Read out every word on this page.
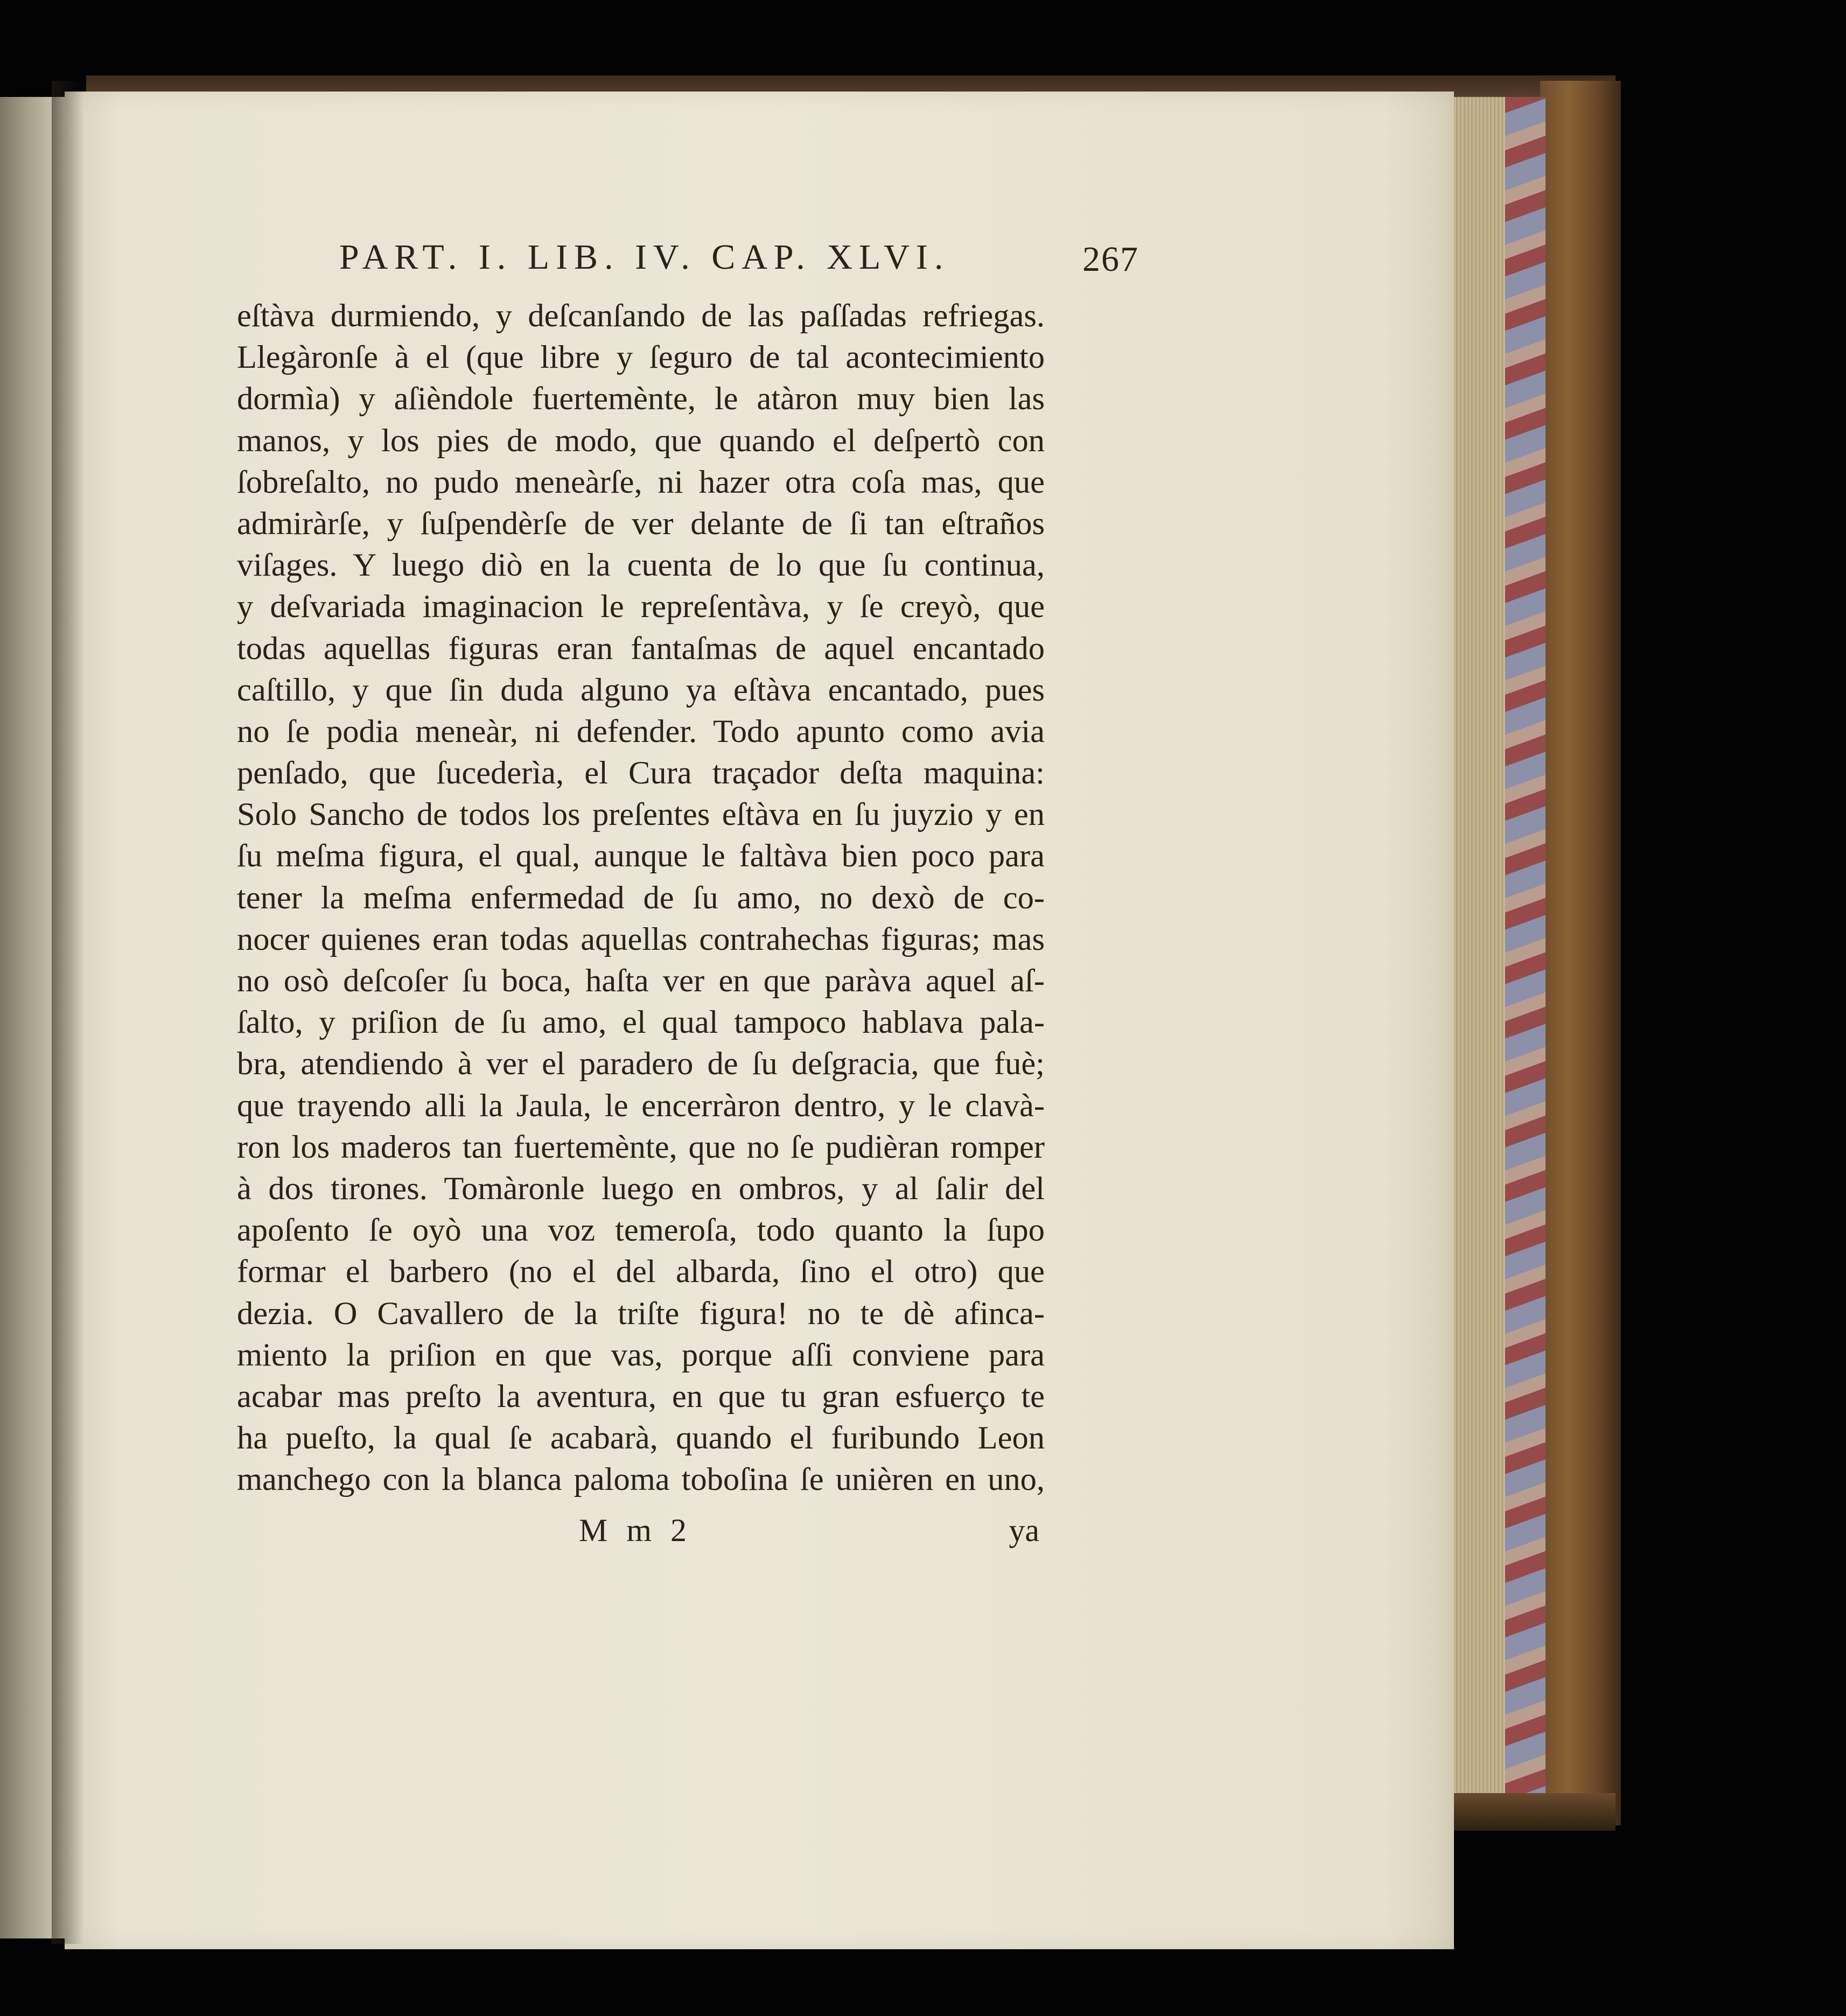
PART. I. LIB. IV. CAP. XLVI.	267
eſtàva durmiendo, y deſcanſando de las paſſadas refriegas.
Llegàronſe à el (que libre y ſeguro de tal acontecimiento
dormìa) y aſièndole fuertemènte, le atàron muy bien las
manos, y los pies de modo, que quando el deſpertò con
ſobreſalto, no pudo meneàrſe, ni hazer otra coſa mas, que
admiràrſe, y ſuſpendèrſe de ver delante de ſi tan eſtraños
viſages. Y luego diò en la cuenta de lo que ſu continua,
y deſvariada imaginacion le repreſentàva, y ſe creyò, que
todas aquellas figuras eran fantaſmas de aquel encantado
caſtillo, y que ſin duda alguno ya eſtàva encantado, pues
no ſe podia meneàr, ni defender. Todo apunto como avia
penſado, que ſucederìa, el Cura traçador deſta maquina:
Solo Sancho de todos los preſentes eſtàva en ſu juyzio y en
ſu meſma figura, el qual, aunque le faltàva bien poco para
tener la meſma enfermedad de ſu amo, no dexò de co-
nocer quienes eran todas aquellas contrahechas figuras; mas
no osò deſcoſer ſu boca, haſta ver en que paràva aquel aſ-
ſalto, y priſion de ſu amo, el qual tampoco hablava pala-
bra, atendiendo à ver el paradero de ſu deſgracia, que fuè;
que trayendo alli la Jaula, le encerràron dentro, y le clavà-
ron los maderos tan fuertemènte, que no ſe pudièran romper
à dos tirones. Tomàronle luego en ombros, y al ſalir del
apoſento ſe oyò una voz temeroſa, todo quanto la ſupo
formar el barbero (no el del albarda, ſino el otro) que
dezia. O Cavallero de la triſte figura! no te dè afinca-
miento la priſion en que vas, porque aſſi conviene para
acabar mas preſto la aventura, en que tu gran esfuerço te
ha pueſto, la qual ſe acabarà, quando el furibundo Leon
manchego con la blanca paloma toboſina ſe unièren en uno,
M m 2	ya
